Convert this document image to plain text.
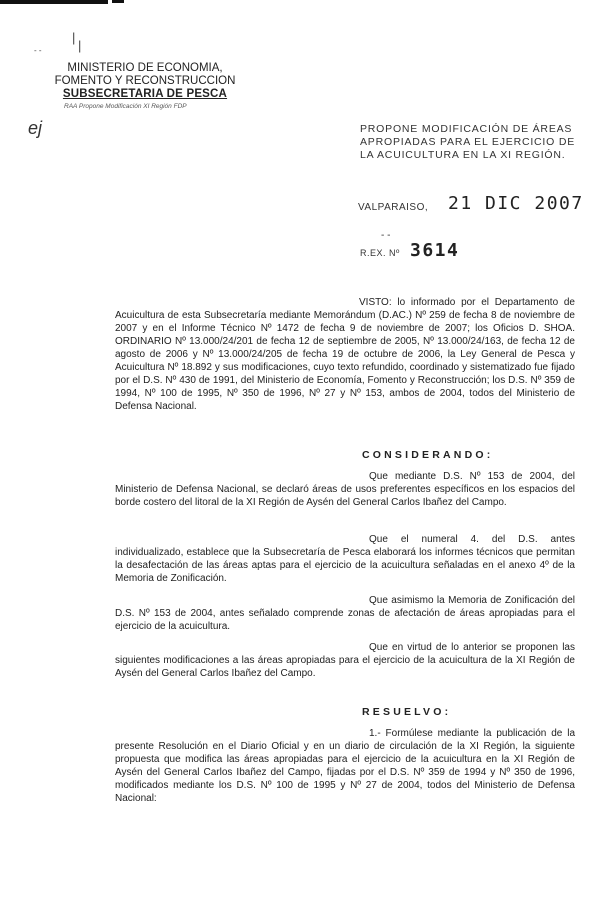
|
|
- -
MINISTERIO DE ECONOMIA,
FOMENTO Y RECONSTRUCCION
SUBSECRETARIA DE PESCA
RAA Propone Modificación XI Región FDP
ej	PROPONE MODIFICACIÓN DE ÁREAS APROPIADAS PARA EL EJERCICIO DE LA ACUICULTURA EN LA XI REGIÓN.
VALPARAISO, 21 DIC 2007
- -
R.EX. Nº 3614
VISTO: lo informado por el Departamento de Acuicultura de esta Subsecretaría mediante Memorándum (D.AC.) Nº 259 de fecha 8 de noviembre de 2007 y en el Informe Técnico Nº 1472 de fecha 9 de noviembre de 2007; los Oficios D. SHOA. ORDINARIO Nº 13.000/24/201 de fecha 12 de septiembre de 2005, Nº 13.000/24/163, de fecha 12 de agosto de 2006 y Nº 13.000/24/205 de fecha 19 de octubre de 2006, la Ley General de Pesca y Acuicultura Nº 18.892 y sus modificaciones, cuyo texto refundido, coordinado y sistematizado fue fijado por el D.S. Nº 430 de 1991, del Ministerio de Economía, Fomento y Reconstrucción; los D.S. Nº 359 de 1994, Nº 100 de 1995, Nº 350 de 1996, Nº 27 y Nº 153, ambos de 2004, todos del Ministerio de Defensa Nacional.
CONSIDERANDO:
Que mediante D.S. Nº 153 de 2004, del Ministerio de Defensa Nacional, se declaró áreas de usos preferentes específicos en los espacios del borde costero del litoral de la XI Región de Aysén del General Carlos Ibañez del Campo.
Que el numeral 4. del D.S. antes individualizado, establece que la Subsecretaría de Pesca elaborará los informes técnicos que permitan la desafectación de las áreas aptas para el ejercicio de la acuicultura señaladas en el anexo 4º de la Memoria de Zonificación.
Que asimismo la Memoria de Zonificación del D.S. Nº 153 de 2004, antes señalado comprende zonas de afectación de áreas apropiadas para el ejercicio de la acuicultura.
Que en virtud de lo anterior se proponen las siguientes modificaciones a las áreas apropiadas para el ejercicio de la acuicultura de la XI Región de Aysén del General Carlos Ibañez del Campo.
RESUELVO:
1.- Formúlese mediante la publicación de la presente Resolución en el Diario Oficial y en un diario de circulación de la XI Región, la siguiente propuesta que modifica las áreas apropiadas para el ejercicio de la acuicultura en la XI Región de Aysén del General Carlos Ibañez del Campo, fijadas por el D.S. Nº 359 de 1994 y Nº 350 de 1996, modificados mediante los D.S. Nº 100 de 1995 y Nº 27 de 2004, todos del Ministerio de Defensa Nacional:
